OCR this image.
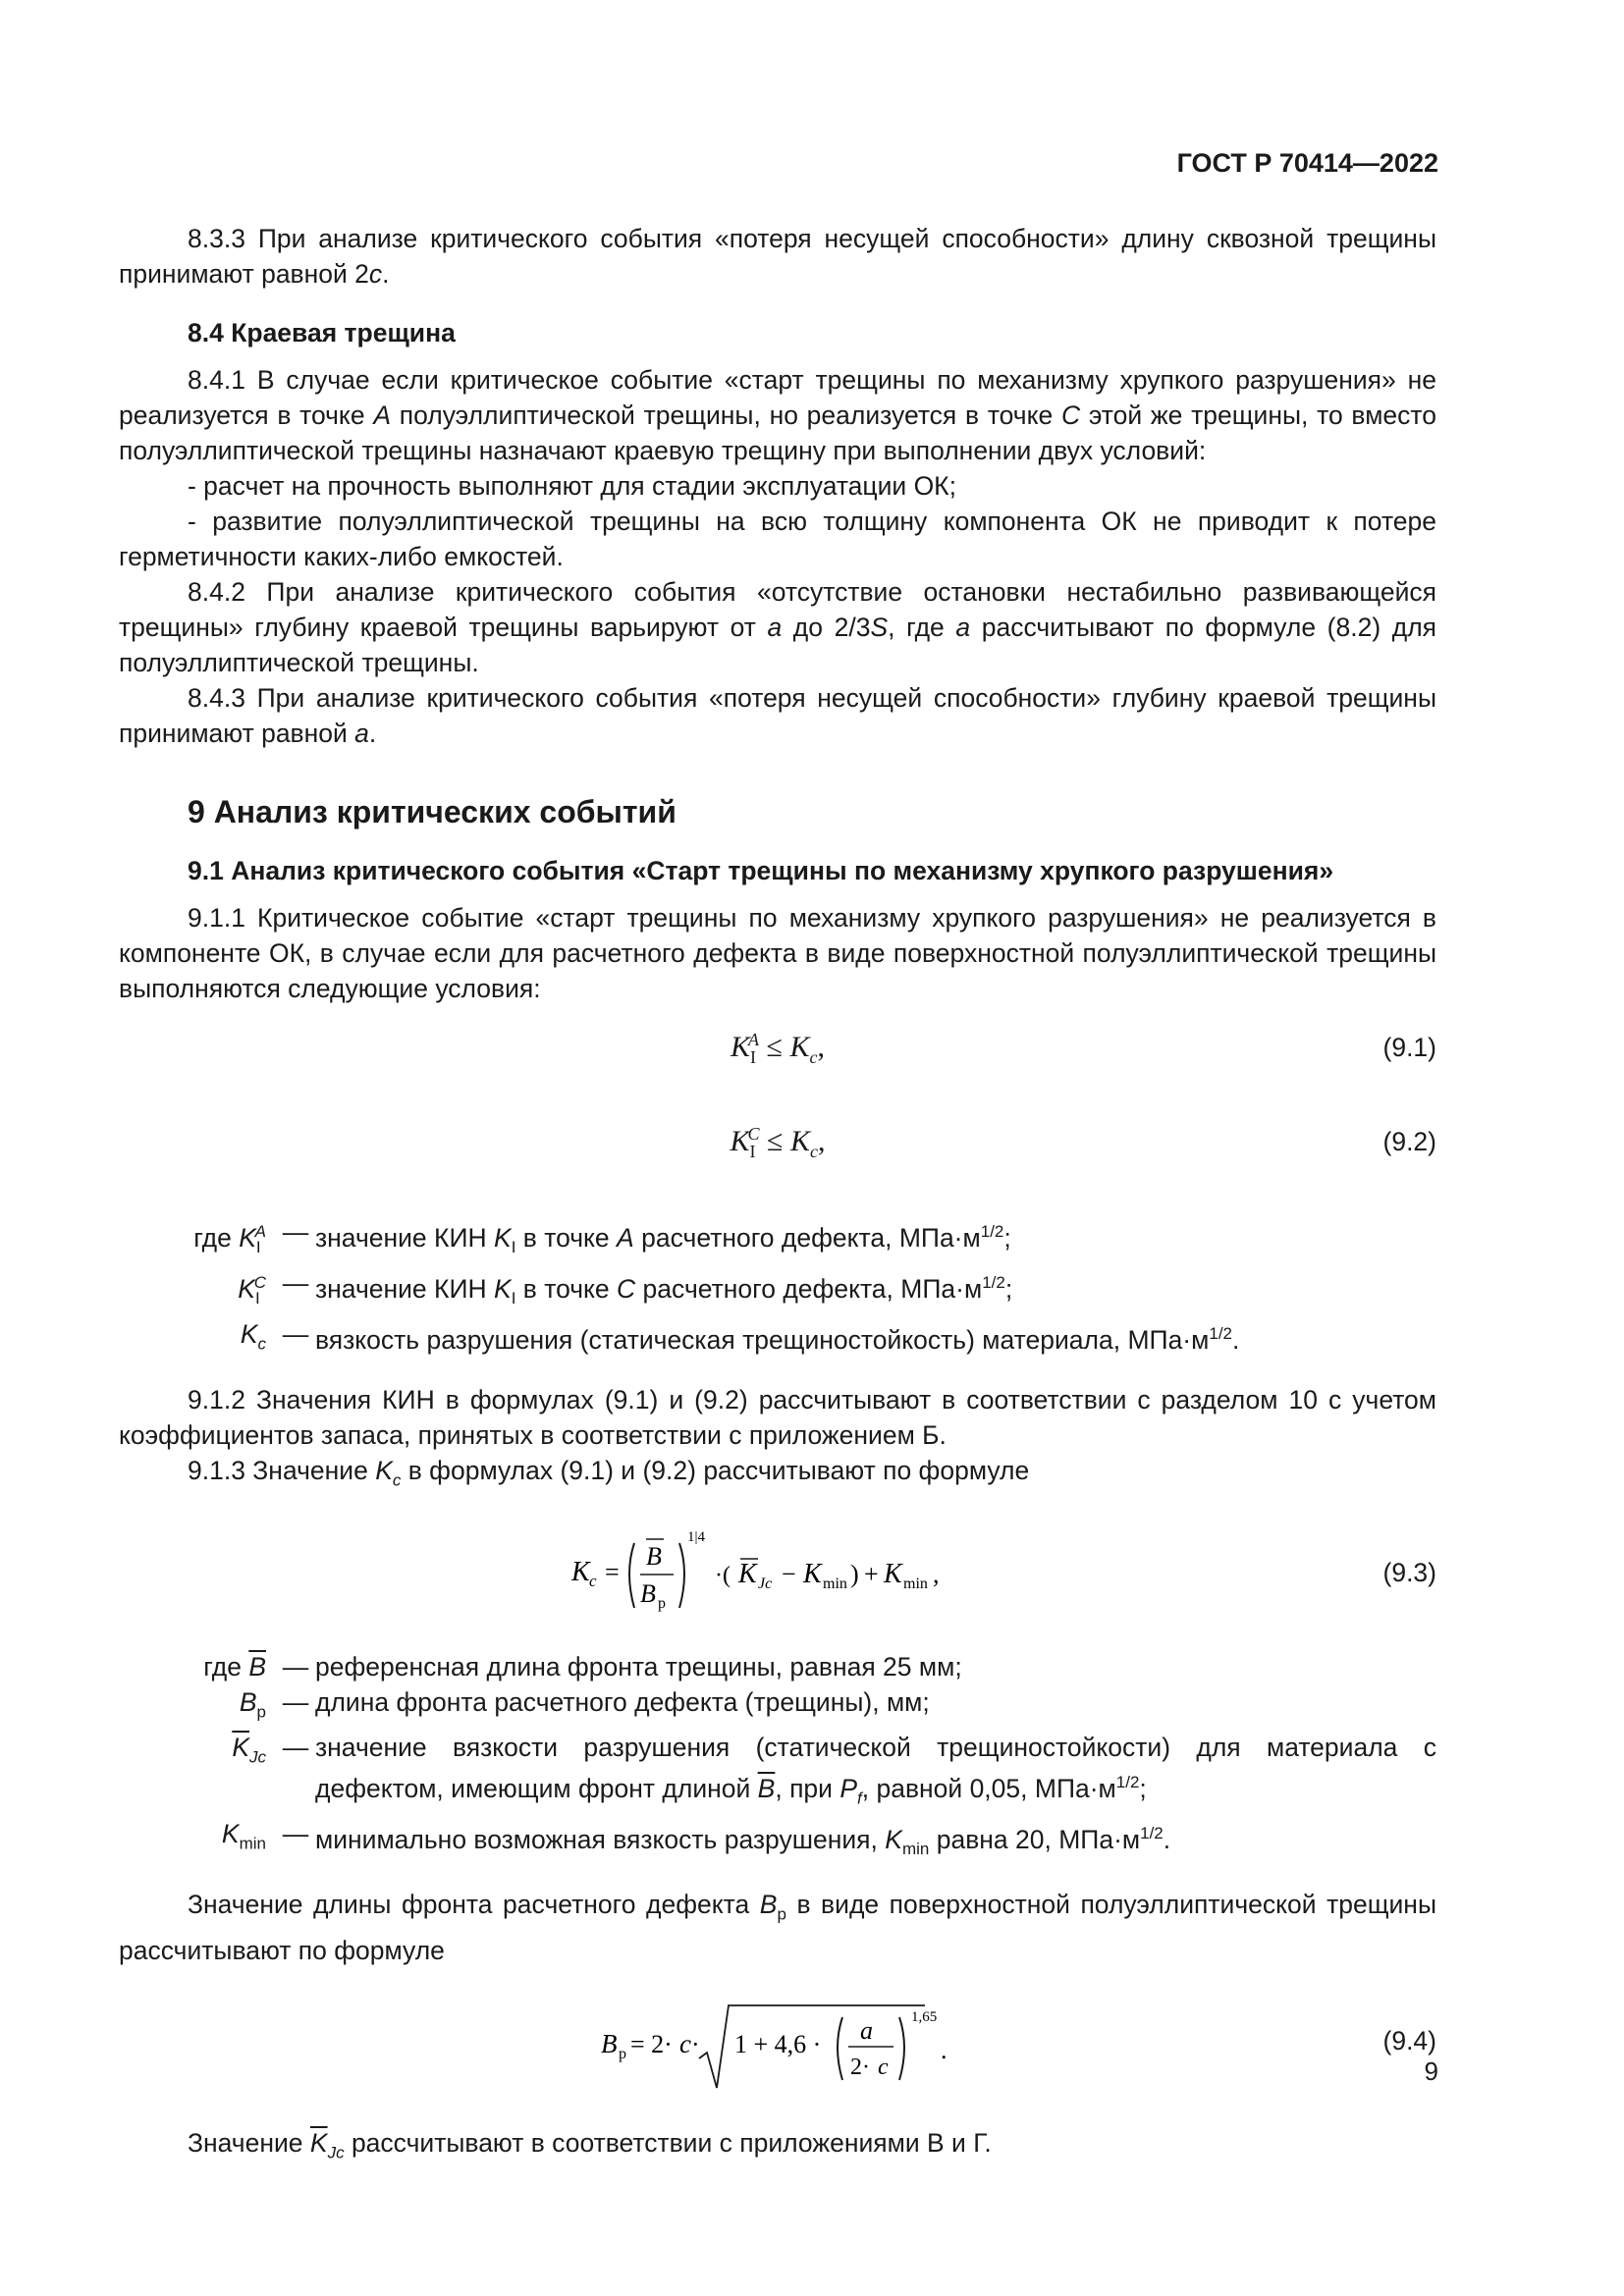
ГОСТ Р 70414—2022

8.3.3 При анализе критического события «потеря несущей способности» длину сквозной трещины принимают равной 2c.

8.4 Краевая трещина

8.4.1 В случае если критическое событие «старт трещины по механизму хрупкого разрушения» не реализуется в точке A полуэллиптической трещины, но реализуется в точке C этой же трещины, то вместо полуэллиптической трещины назначают краевую трещину при выполнении двух условий:

- расчет на прочность выполняют для стадии эксплуатации ОК;

- развитие полуэллиптической трещины на всю толщину компонента ОК не приводит к потере герметичности каких-либо емкостей.

8.4.2 При анализе критического события «отсутствие остановки нестабильно развивающейся трещины» глубину краевой трещины варьируют от a до 2/3S, где a рассчитывают по формуле (8.2) для полуэллиптической трещины.

8.4.3 При анализе критического события «потеря несущей способности» глубину краевой трещины принимают равной a.

9 Анализ критических событий
9.1 Анализ критического события «Старт трещины по механизму хрупкого разрушения»

9.1.1 Критическое событие «старт трещины по механизму хрупкого разрушения» не реализуется в компоненте ОК, в случае если для расчетного дефекта в виде поверхностной полуэллиптической трещины выполняются следующие условия:

$K_I^A \le K_c$,	(9.1)
$K_I^C \le K_c$,	(9.2)
где $K_I^A$ — значение КИН $K_I$ в точке A расчетного дефекта, $МПа\cdot м^{1/2}$;
$K_I^C$ — значение КИН $K_I$ в точке C расчетного дефекта, $МПа\cdot м^{1/2}$;
$K_c$ — вязкость разрушения (статическая трещиностойкость) материала, $МПа\cdot м^{1/2}$.

9.1.2 Значения КИН в формулах (9.1) и (9.2) рассчитывают в соответствии с разделом 10 с учетом коэффициентов запаса, принятых в соответствии с приложением Б.

9.1.3 Значение $K_c$ в формулах (9.1) и (9.2) рассчитывают по формуле

K c =
B
B p
1|4
·( K Jc − K min ) + K min ,	(9.3)
где $\overline{B}$ — референсная длина фронта трещины, равная 25 мм;
$B_p$ — длина фронта расчетного дефекта (трещины), мм;
$\overline{K}_{Jc}$ — значение вязкости разрушения (статической трещиностойкости) для материала с дефектом, имеющим фронт длиной $\overline{B}$, при $P_f$, равной 0,05, $МПа\cdot м^{1/2}$;
$K_{min}$ — минимально возможная вязкость разрушения, $K_{min}$ равна 20, $МПа\cdot м^{1/2}$.

Значение длины фронта расчетного дефекта $B_p$ в виде поверхностной полуэллиптической трещины рассчитывают по формуле

B p = 2· c · 1 + 4,6 · a
2· c
1,65
.	(9.4)

Значение $\overline{K}_{Jc}$ рассчитывают в соответствии с приложениями В и Г.

9
